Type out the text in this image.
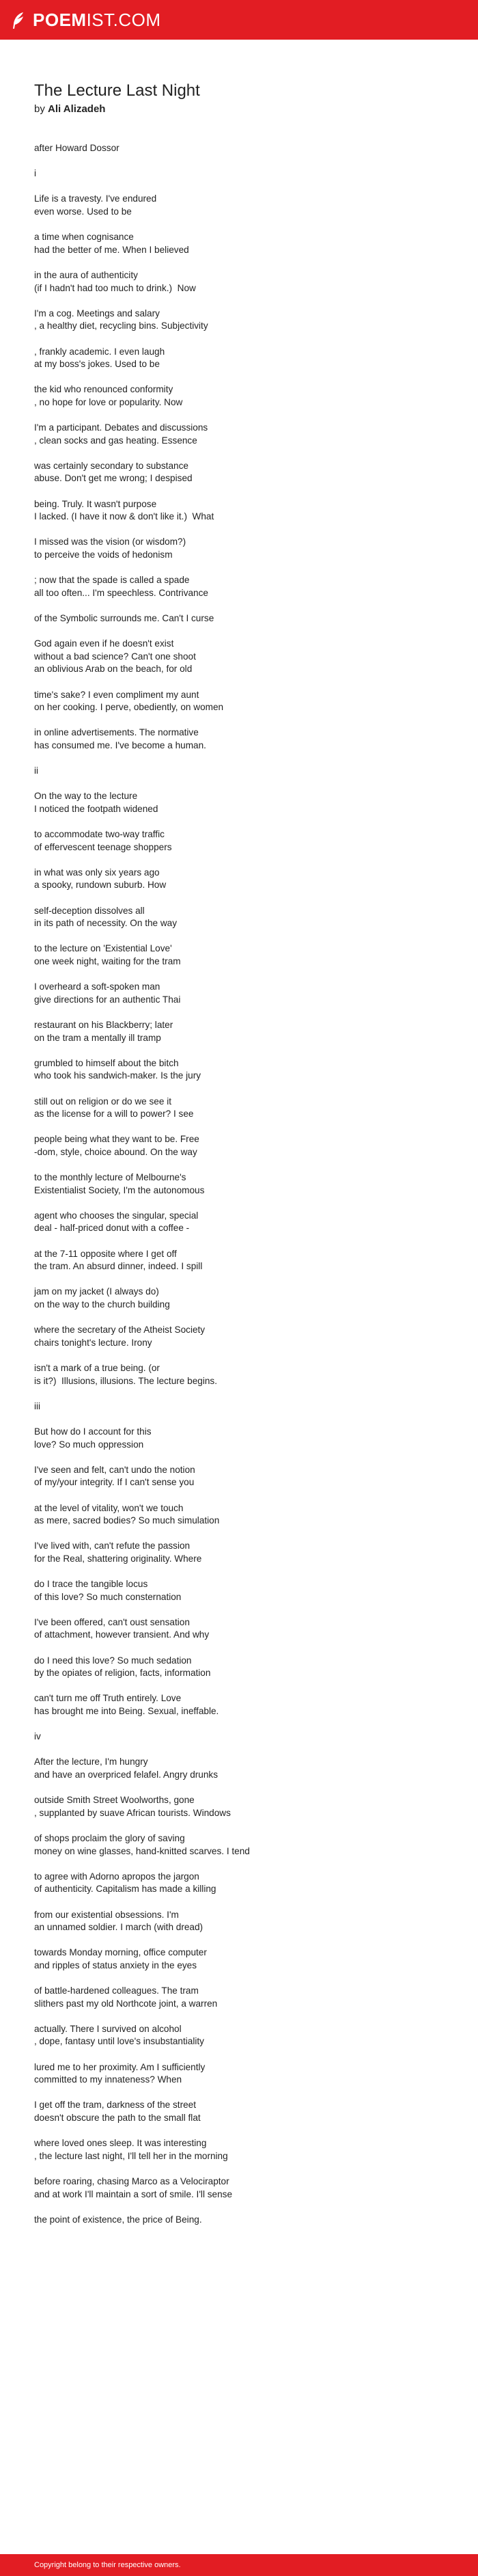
POEMIST.COM
The Lecture Last Night
by Ali Alizadeh
after Howard Dossor
i
Life is a travesty. I've endured
even worse. Used to be
a time when cognisance
had the better of me. When I believed
in the aura of authenticity
(if I hadn't had too much to drink.)  Now
I'm a cog. Meetings and salary
, a healthy diet, recycling bins. Subjectivity
, frankly academic. I even laugh
at my boss's jokes. Used to be
the kid who renounced conformity
, no hope for love or popularity. Now
I'm a participant. Debates and discussions
, clean socks and gas heating. Essence
was certainly secondary to substance
abuse. Don't get me wrong; I despised
being. Truly. It wasn't purpose
I lacked. (I have it now & don't like it.)  What
I missed was the vision (or wisdom?)
to perceive the voids of hedonism
; now that the spade is called a spade
all too often... I'm speechless. Contrivance
of the Symbolic surrounds me. Can't I curse
God again even if he doesn't exist
without a bad science? Can't one shoot
an oblivious Arab on the beach, for old
time's sake? I even compliment my aunt
on her cooking. I perve, obediently, on women
in online advertisements. The normative
has consumed me. I've become a human.
ii
On the way to the lecture
I noticed the footpath widened
to accommodate two-way traffic
of effervescent teenage shoppers
in what was only six years ago
a spooky, rundown suburb. How
self-deception dissolves all
in its path of necessity. On the way
to the lecture on 'Existential Love'
one week night, waiting for the tram
I overheard a soft-spoken man
give directions for an authentic Thai
restaurant on his Blackberry; later
on the tram a mentally ill tramp
grumbled to himself about the bitch
who took his sandwich-maker. Is the jury
still out on religion or do we see it
as the license for a will to power? I see
people being what they want to be. Free
-dom, style, choice abound. On the way
to the monthly lecture of Melbourne's
Existentialist Society, I'm the autonomous
agent who chooses the singular, special
deal - half-priced donut with a coffee -
at the 7-11 opposite where I get off
the tram. An absurd dinner, indeed. I spill
jam on my jacket (I always do)
on the way to the church building
where the secretary of the Atheist Society
chairs tonight's lecture. Irony
isn't a mark of a true being. (or
is it?)  Illusions, illusions. The lecture begins.
iii
But how do I account for this
love? So much oppression
I've seen and felt, can't undo the notion
of my/your integrity. If I can't sense you
at the level of vitality, won't we touch
as mere, sacred bodies? So much simulation
I've lived with, can't refute the passion
for the Real, shattering originality. Where
do I trace the tangible locus
of this love? So much consternation
I've been offered, can't oust sensation
of attachment, however transient. And why
do I need this love? So much sedation
by the opiates of religion, facts, information
can't turn me off Truth entirely. Love
has brought me into Being. Sexual, ineffable.
iv
After the lecture, I'm hungry
and have an overpriced felafel. Angry drunks
outside Smith Street Woolworths, gone
, supplanted by suave African tourists. Windows
of shops proclaim the glory of saving
money on wine glasses, hand-knitted scarves. I tend
to agree with Adorno apropos the jargon
of authenticity. Capitalism has made a killing
from our existential obsessions. I'm
an unnamed soldier. I march (with dread)
towards Monday morning, office computer
and ripples of status anxiety in the eyes
of battle-hardened colleagues. The tram
slithers past my old Northcote joint, a warren
actually. There I survived on alcohol
, dope, fantasy until love's insubstantiality
lured me to her proximity. Am I sufficiently
committed to my innateness? When
I get off the tram, darkness of the street
doesn't obscure the path to the small flat
where loved ones sleep. It was interesting
, the lecture last night, I'll tell her in the morning
before roaring, chasing Marco as a Velociraptor
and at work I'll maintain a sort of smile. I'll sense
the point of existence, the price of Being.
Copyright belong to their respective owners.
